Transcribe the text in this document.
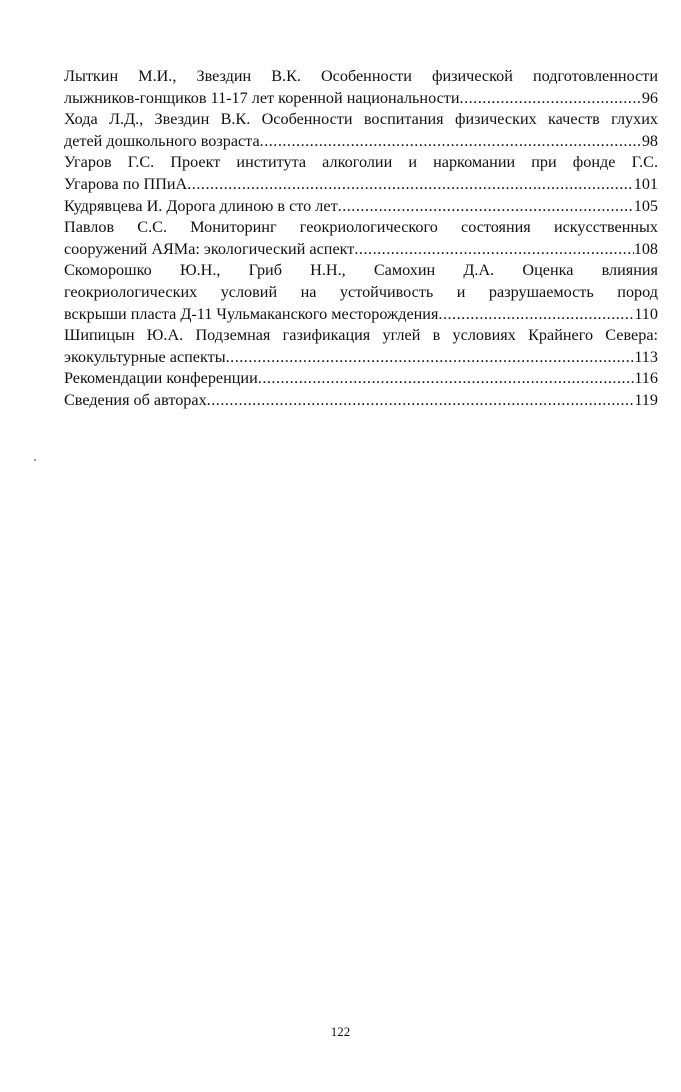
Лыткин М.И., Звездин В.К. Особенности физической подготовленности
лыжников-гонщиков 11-17 лет коренной национальности .....	96
Хода Л.Д., Звездин В.К. Особенности воспитания физических качеств глухих
детей дошкольного возраста .....	98
Угаров Г.С. Проект института алкоголии и наркомании при фонде Г.С.
Угарова по ППиА .....	101
Кудрявцева И. Дорога длиною в сто лет .....	105
Павлов С.С. Мониторинг геокриологического состояния искусственных
сооружений АЯМа: экологический аспект .....	108
Скоморошко Ю.Н., Гриб Н.Н., Самохин Д.А. Оценка влияния
геокриологических условий на устойчивость и разрушаемость пород
вскрыши пласта Д-11 Чульмаканского месторождения .....	110
Шипицын Ю.А. Подземная газификация углей в условиях Крайнего Севера:
экокультурные аспекты .....	113
Рекомендации конференции .....	116
Сведения об авторах .....	119
122
